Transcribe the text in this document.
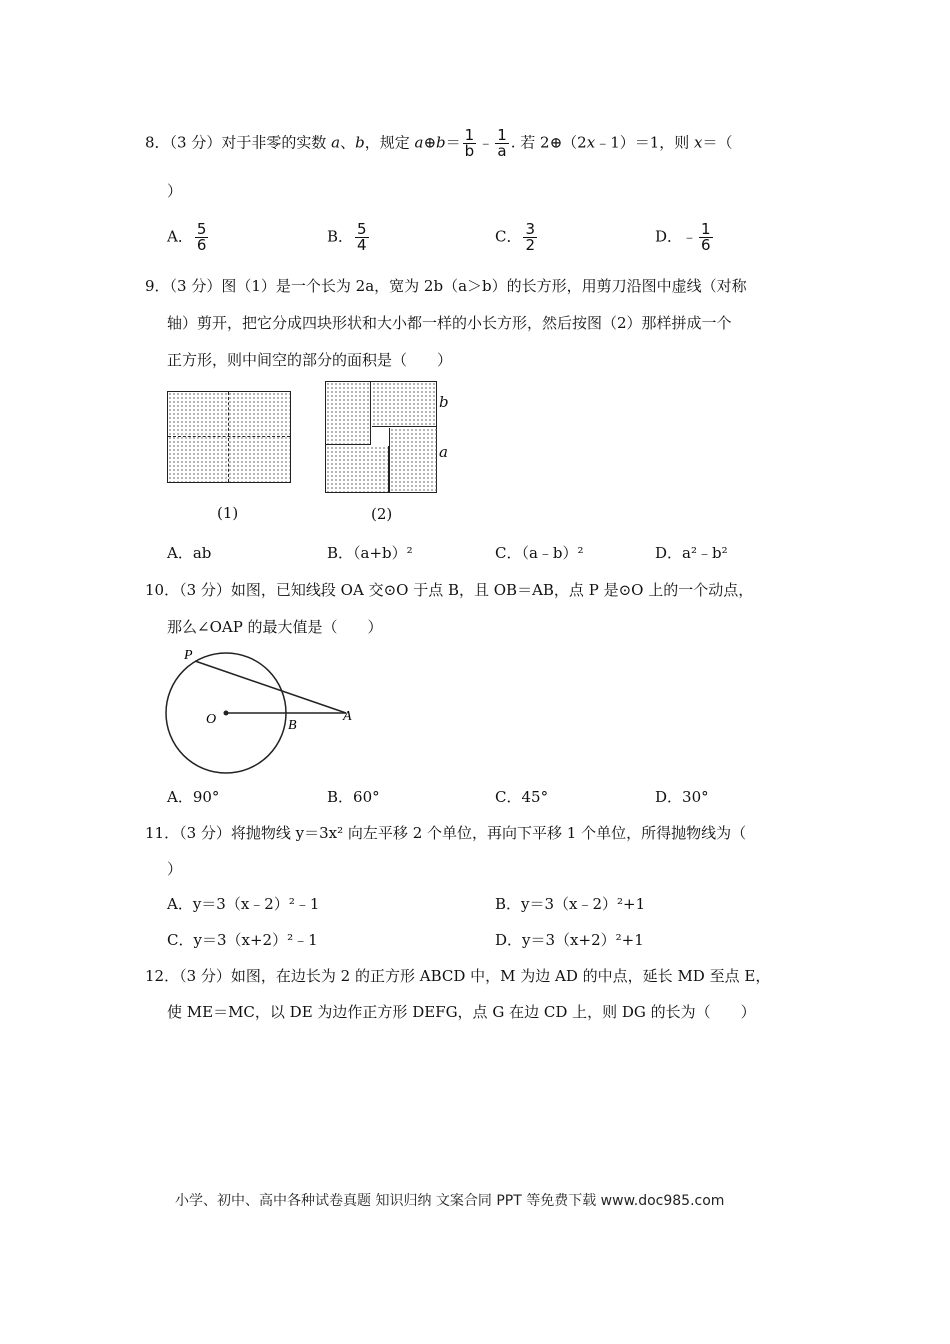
8．（3 分）对于非零的实数 a、b，规定 a⊕b＝ $\frac{1}{b}$ ﹣ $\frac{1}{a}$ . 若 2⊕（2x﹣1）＝1，则 x＝（
）
A． $\frac{5}{6}$	B． $\frac{5}{4}$	C． $\frac{3}{2}$	D．﹣ $\frac{1}{6}$
9．（3 分）图（1）是一个长为 2a，宽为 2b（a＞b）的长方形，用剪刀沿图中虚线（对称
轴）剪开，把它分成四块形状和大小都一样的小长方形，然后按图（2）那样拼成一个
正方形，则中间空的部分的面积是（　　）
(1)
b
a
(2)
A．ab	B．（a+b）²	C．（a﹣b）²	D．a²﹣b²
10．（3 分）如图，已知线段 OA 交⊙O 于点 B，且 OB＝AB，点 P 是⊙O 上的一个动点，
那么∠OAP 的最大值是（　　）
P
O	B
A
A．90°	B．60°	C．45°	D．30°
11．（3 分）将抛物线 y＝3x² 向左平移 2 个单位，再向下平移 1 个单位，所得抛物线为（
）
A．y＝3（x﹣2）²﹣1	B．y＝3（x﹣2）²+1
C．y＝3（x+2）²﹣1	D．y＝3（x+2）²+1
12．（3 分）如图，在边长为 2 的正方形 ABCD 中，M 为边 AD 的中点，延长 MD 至点 E，
使 ME＝MC，以 DE 为边作正方形 DEFG，点 G 在边 CD 上，则 DG 的长为（　　）
小学、初中、高中各种试卷真题 知识归纳 文案合同 PPT 等免费下载 www.doc985.com
